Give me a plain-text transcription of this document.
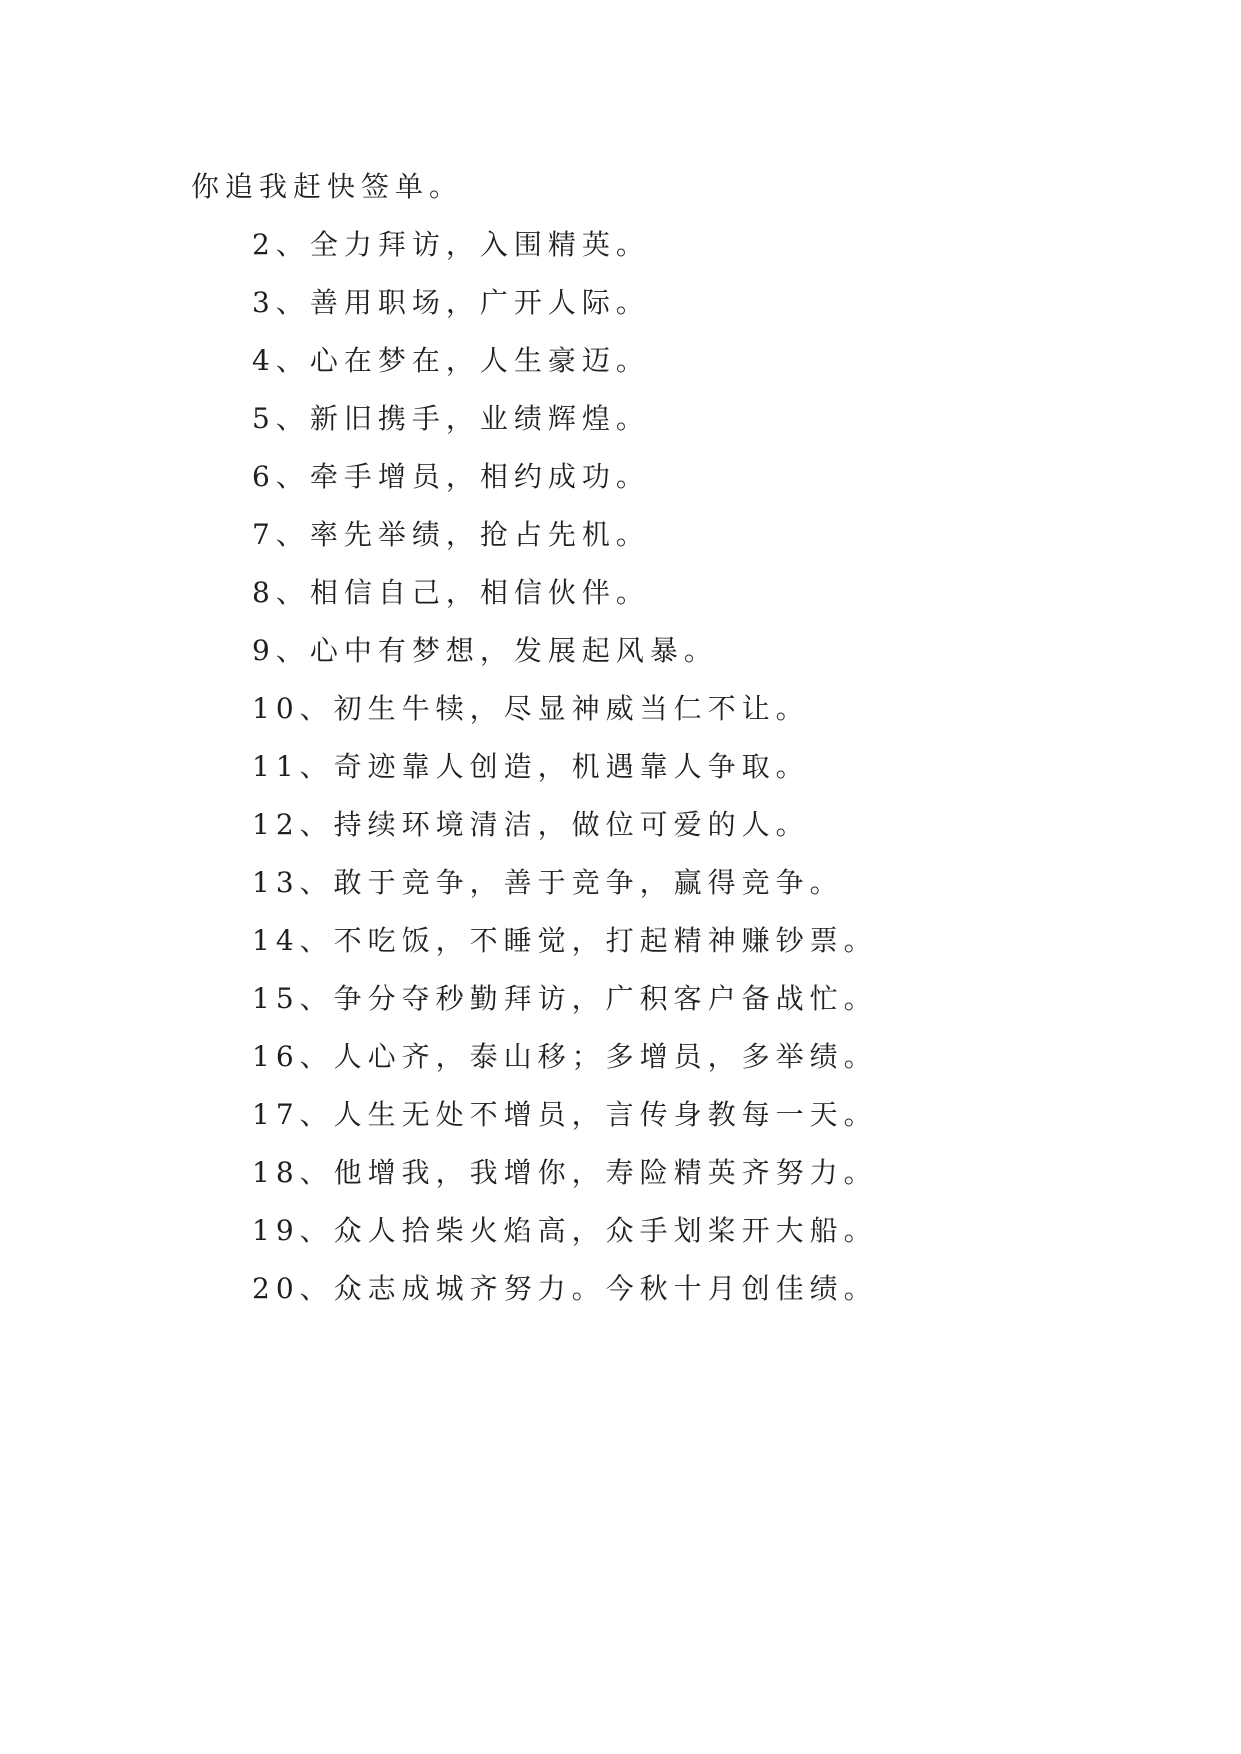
你追我赶快签单。
2、全力拜访，入围精英。
3、善用职场，广开人际。
4、心在梦在，人生豪迈。
5、新旧携手，业绩辉煌。
6、牵手增员，相约成功。
7、率先举绩，抢占先机。
8、相信自己，相信伙伴。
9、心中有梦想，发展起风暴。
10、初生牛犊，尽显神威当仁不让。
11、奇迹靠人创造，机遇靠人争取。
12、持续环境清洁，做位可爱的人。
13、敢于竞争，善于竞争，赢得竞争。
14、不吃饭，不睡觉，打起精神赚钞票。
15、争分夺秒勤拜访，广积客户备战忙。
16、人心齐，泰山移；多增员，多举绩。
17、人生无处不增员，言传身教每一天。
18、他增我，我增你，寿险精英齐努力。
19、众人拾柴火焰高，众手划桨开大船。
20、众志成城齐努力。今秋十月创佳绩。
